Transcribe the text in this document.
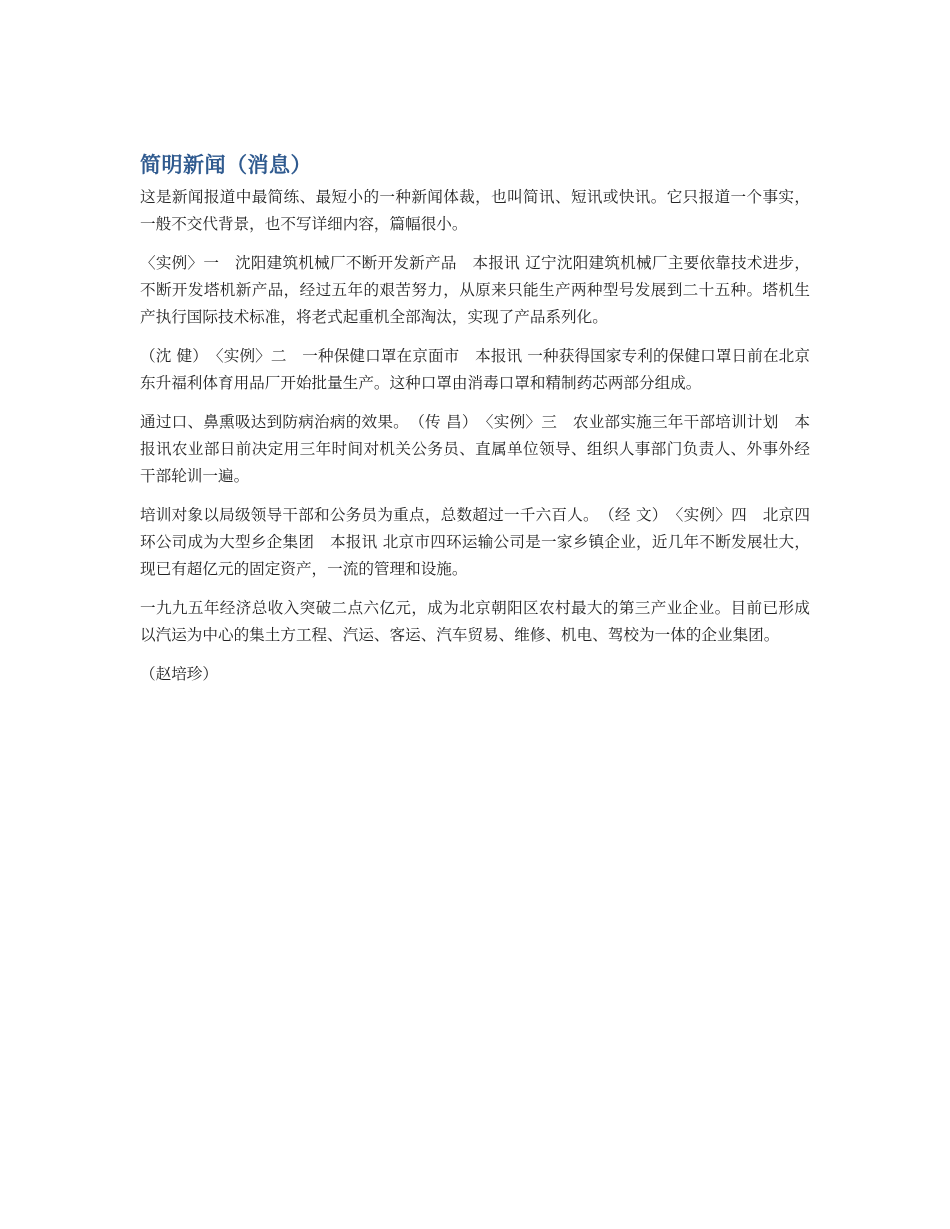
简明新闻（消息）

这是新闻报道中最简练、最短小的一种新闻体裁，也叫简讯、短讯或快讯。它只报道一个事实，一般不交代背景，也不写详细内容，篇幅很小。

〈实例〉一　沈阳建筑机械厂不断开发新产品　本报讯 辽宁沈阳建筑机械厂主要依靠技术进步，不断开发塔机新产品，经过五年的艰苦努力，从原来只能生产两种型号发展到二十五种。塔机生产执行国际技术标准，将老式起重机全部淘汰，实现了产品系列化。

（沈 健）　〈实例〉二　一种保健口罩在京面市　本报讯 一种获得国家专利的保健口罩日前在北京东升福利体育用品厂开始批量生产。这种口罩由消毒口罩和精制药芯两部分组成。

通过口、鼻熏吸达到防病治病的效果。　（传 昌）　〈实例〉三　农业部实施三年干部培训计划　本报讯农业部日前决定用三年时间对机关公务员、直属单位领导、组织人事部门负责人、外事外经干部轮训一遍。

培训对象以局级领导干部和公务员为重点，总数超过一千六百人。　（经 文）　〈实例〉四　北京四环公司成为大型乡企集团　本报讯 北京市四环运输公司是一家乡镇企业，近几年不断发展壮大，现已有超亿元的固定资产，一流的管理和设施。

一九九五年经济总收入突破二点六亿元，成为北京朝阳区农村最大的第三产业企业。目前已形成以汽运为中心的集土方工程、汽运、客运、汽车贸易、维修、机电、驾校为一体的企业集团。

（赵培珍）
